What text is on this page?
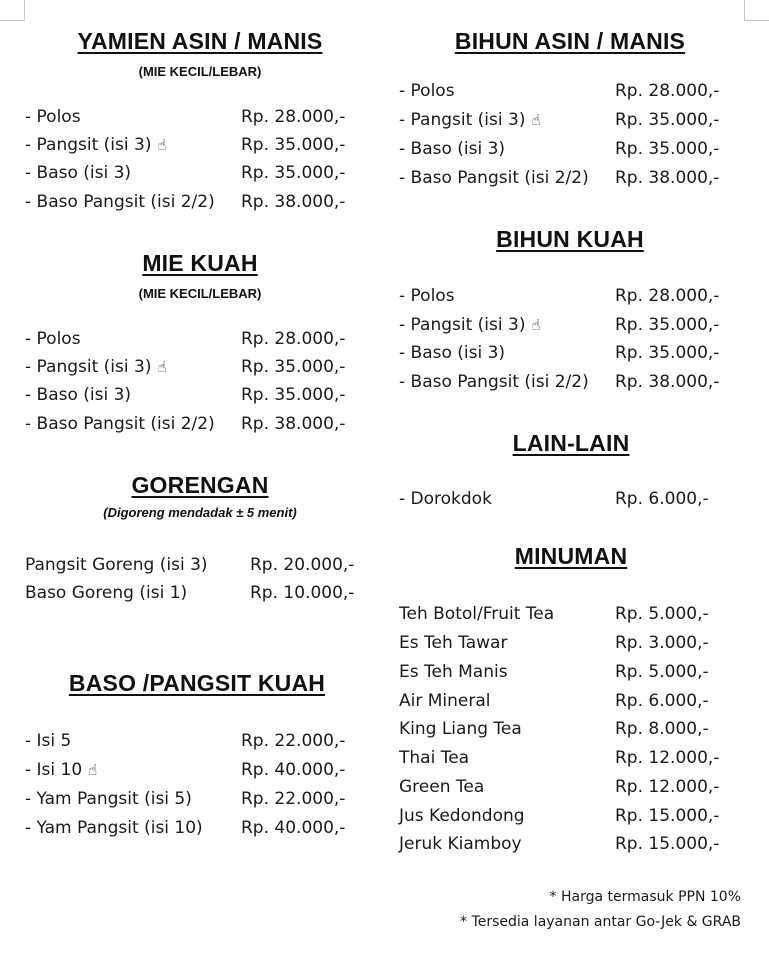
YAMIEN ASIN / MANIS
(MIE KECIL/LEBAR)
- Polos	Rp. 28.000,-
- Pangsit (isi 3) ☝	Rp. 35.000,-
- Baso (isi 3)	Rp. 35.000,-
- Baso Pangsit (isi 2/2) Rp. 38.000,-
MIE KUAH
(MIE KECIL/LEBAR)
- Polos	Rp. 28.000,-
- Pangsit (isi 3) ☝	Rp. 35.000,-
- Baso (isi 3)	Rp. 35.000,-
- Baso Pangsit (isi 2/2) Rp. 38.000,-
GORENGAN
(Digoreng mendadak ± 5 menit)
Pangsit Goreng (isi 3) Rp. 20.000,-
Baso Goreng (isi 1)	Rp. 10.000,-
BASO /PANGSIT KUAH
- Isi 5	Rp. 22.000,-
- Isi 10 ☝	Rp. 40.000,-
- Yam Pangsit (isi 5)	Rp. 22.000,-
- Yam Pangsit (isi 10) Rp. 40.000,-
BIHUN ASIN / MANIS
- Polos	Rp. 28.000,-
- Pangsit (isi 3) ☝	Rp. 35.000,-
- Baso (isi 3)	Rp. 35.000,-
- Baso Pangsit (isi 2/2) Rp. 38.000,-
BIHUN KUAH
- Polos	Rp. 28.000,-
- Pangsit (isi 3) ☝	Rp. 35.000,-
- Baso (isi 3)	Rp. 35.000,-
- Baso Pangsit (isi 2/2) Rp. 38.000,-
LAIN-LAIN
- Dorokdok	Rp. 6.000,-
MINUMAN
Teh Botol/Fruit Tea	Rp. 5.000,-
Es Teh Tawar	Rp. 3.000,-
Es Teh Manis	Rp. 5.000,-
Air Mineral	Rp. 6.000,-
King Liang Tea	Rp. 8.000,-
Thai Tea	Rp. 12.000,-
Green Tea	Rp. 12.000,-
Jus Kedondong	Rp. 15.000,-
Jeruk Kiamboy	Rp. 15.000,-
* Harga termasuk PPN 10%
* Tersedia layanan antar Go-Jek & GRAB
